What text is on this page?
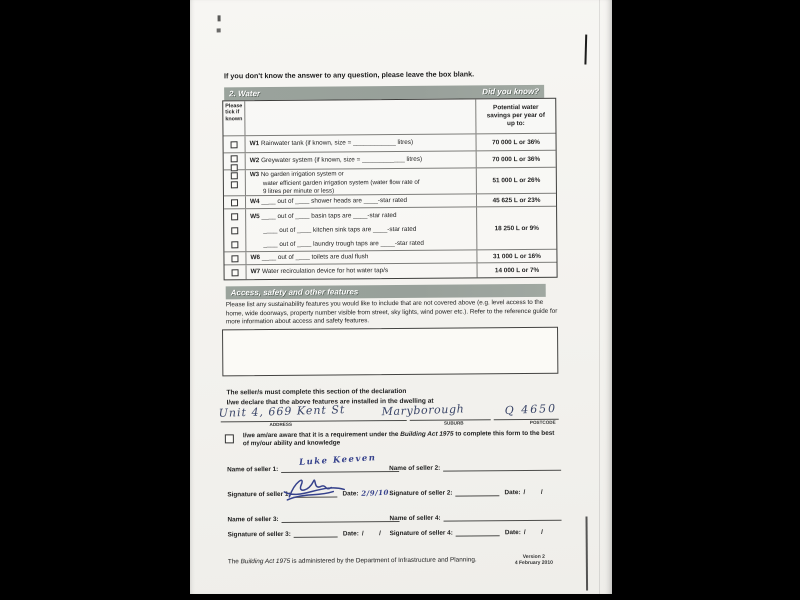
If you don't know the answer to any question, please leave the box blank.
2. Water	Did you know?
Please tick if known
Potential water savings per year of up to:
W1 Rainwater tank (if known, size = ____________ litres)	70 000 L or 36%
W2 Greywater system (if known, size = ____________ litres)	70 000 L or 36%
W3 No garden irrigation system or
water efficient garden irrigation system (water flow rate of
9 litres per minute or less)
51 000 L or 26%
W4 ____ out of ____ shower heads are ____-star rated	45 625 L or 23%
W5 ____ out of ____ basin taps are ____-star rated
____ out of ____ kitchen sink taps are ____-star rated
____ out of ____ laundry trough taps are ____-star rated
18 250 L or 9%
W6 ____ out of ____ toilets are dual flush	31 000 L or 16%
W7 Water recirculation device for hot water tap/s	14 000 L or 7%
Access, safety and other features
Please list any sustainability features you would like to include that are not covered above (e.g. level access to the home, wide doorways, property number visible from street, sky lights, wind power etc.). Refer to the reference guide for more information about access and safety features.
The seller/s must complete this section of the declaration
I/we declare that the above features are installed in the dwelling at
Unit 4, 669 Kent St	Maryborough	Q 4650
ADDRESS	SUBURB	POSTCODE
I/we am/are aware that it is a requirement under the Building Act 1975 to complete this form to the best of my/our ability and knowledge
Name of seller 1:
Luke Keeven
Name of seller 2:
Signature of seller 1:	Date: 2/9/10.
Signature of seller 2:	Date: /  /
Name of seller 3:	Name of seller 4:
Signature of seller 3:	Date: /  / Signature of seller 4:	Date: /  /
The Building Act 1975 is administered by the Department of Infrastructure and Planning.	Version 2
4 February 2010
